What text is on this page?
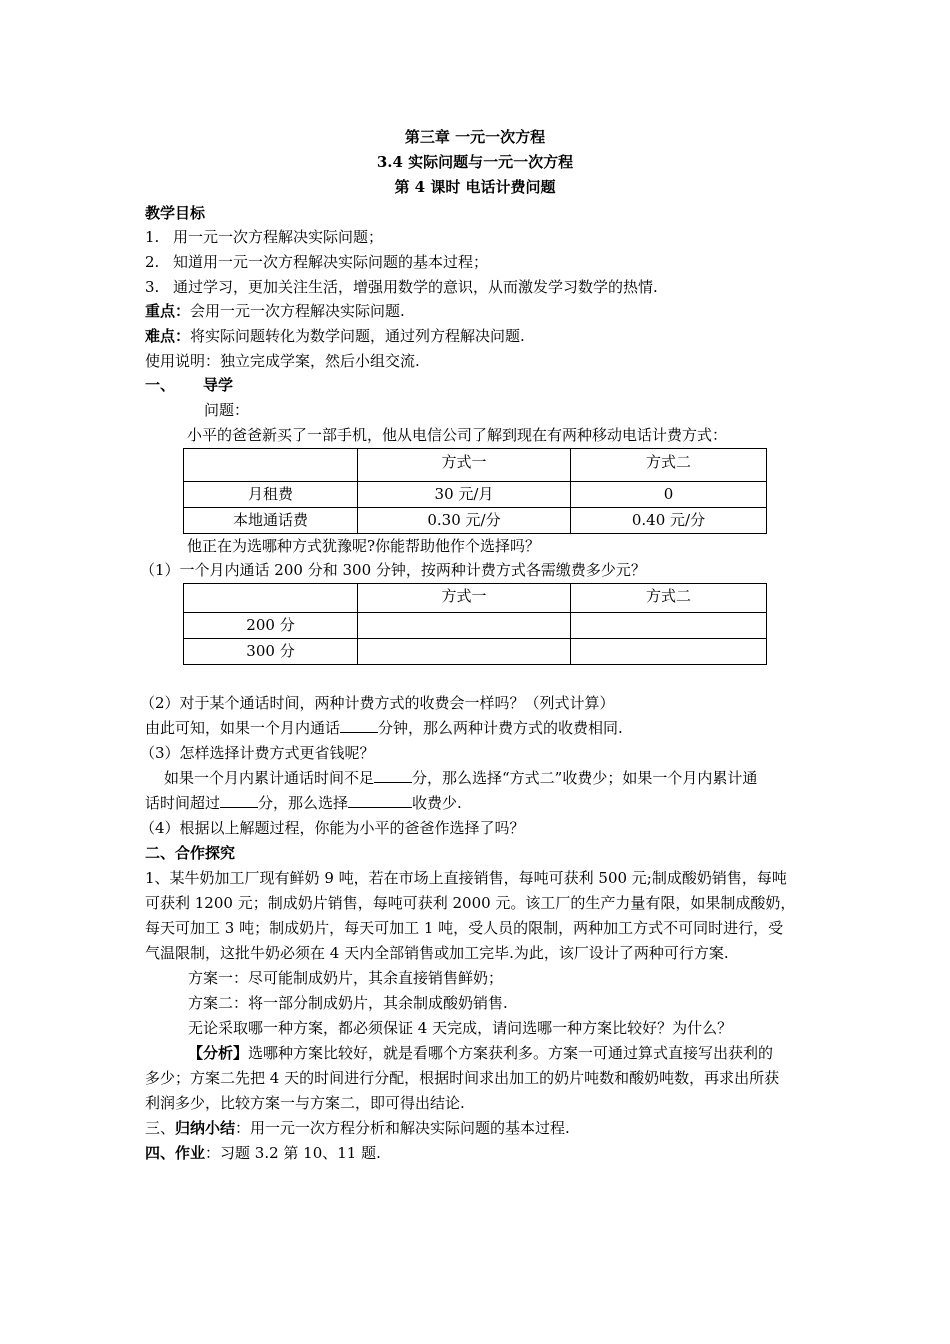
第三章 一元一次方程
3.4 实际问题与一元一次方程
第 4 课时 电话计费问题
教学目标
1. 用一元一次方程解决实际问题；
2. 知道用一元一次方程解决实际问题的基本过程；
3. 通过学习，更加关注生活，增强用数学的意识，从而激发学习数学的热情.
重点：会用一元一次方程解决实际问题.
难点：将实际问题转化为数学问题，通过列方程解决问题.
使用说明：独立完成学案，然后小组交流.
一、 导学
问题：
小平的爸爸新买了一部手机，他从电信公司了解到现在有两种移动电话计费方式：
	方式一	方式二
月租费	30 元/月	0
本地通话费	0.30 元/分	0.40 元/分
他正在为选哪种方式犹豫呢?你能帮助他作个选择吗？
（1）一个月内通话 200 分和 300 分钟，按两种计费方式各需缴费多少元？
	方式一	方式二
200 分		
300 分		
（2）对于某个通话时间，两种计费方式的收费会一样吗？（列式计算）
由此可知，如果一个月内通话	分钟，那么两种计费方式的收费相同.
（3）怎样选择计费方式更省钱呢？
如果一个月内累计通话时间不足	分，那么选择“方式二”收费少；如果一个月内累计通
话时间超过	分，那么选择	收费少.
（4）根据以上解题过程，你能为小平的爸爸作选择了吗？
二、合作探究
1、某牛奶加工厂现有鲜奶 9 吨，若在市场上直接销售，每吨可获利 500 元;制成酸奶销售，每吨
可获利 1200 元；制成奶片销售，每吨可获利 2000 元。该工厂的生产力量有限，如果制成酸奶，
每天可加工 3 吨；制成奶片，每天可加工 1 吨，受人员的限制，两种加工方式不可同时进行，受
气温限制，这批牛奶必须在 4 天内全部销售或加工完毕.为此，该厂设计了两种可行方案.
方案一：尽可能制成奶片，其余直接销售鲜奶；
方案二：将一部分制成奶片，其余制成酸奶销售.
无论采取哪一种方案，都必须保证 4 天完成，请问选哪一种方案比较好？为什么？
【分析】选哪种方案比较好，就是看哪个方案获利多。方案一可通过算式直接写出获利的
多少；方案二先把 4 天的时间进行分配，根据时间求出加工的奶片吨数和酸奶吨数，再求出所获
利润多少，比较方案一与方案二，即可得出结论.
三、归纳小结：用一元一次方程分析和解决实际问题的基本过程.
四、作业：习题 3.2 第 10、11 题.
